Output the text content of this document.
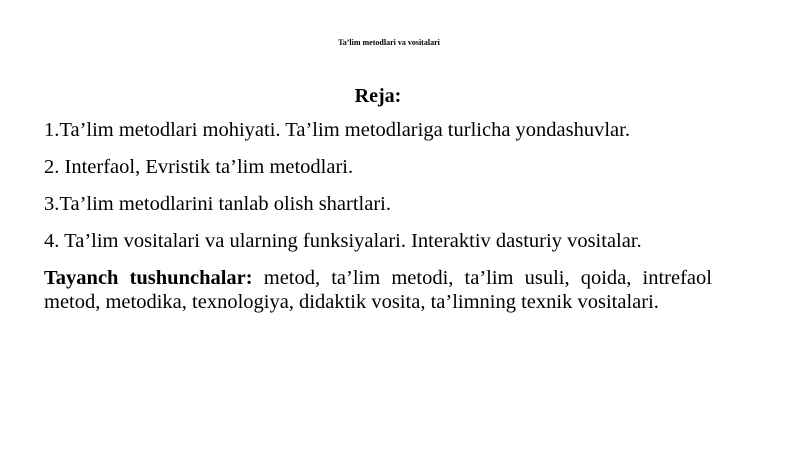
Ta’lim metodlari va vositalari
Reja:

1.Ta’lim metodlari mohiyati. Ta’lim metodlariga turlicha yondashuvlar.

2. Interfaol, Evristik ta’lim metodlari.

3.Ta’lim metodlarini tanlab olish shartlari.

4. Ta’lim vositalari va ularning funksiyalari. Interaktiv dasturiy vositalar.

Tayanch tushunchalar: metod, ta’lim metodi, ta’lim usuli, qoida, intrefaol metod, metodika, texnologiya, didaktik vosita, ta’limning texnik vositalari.
